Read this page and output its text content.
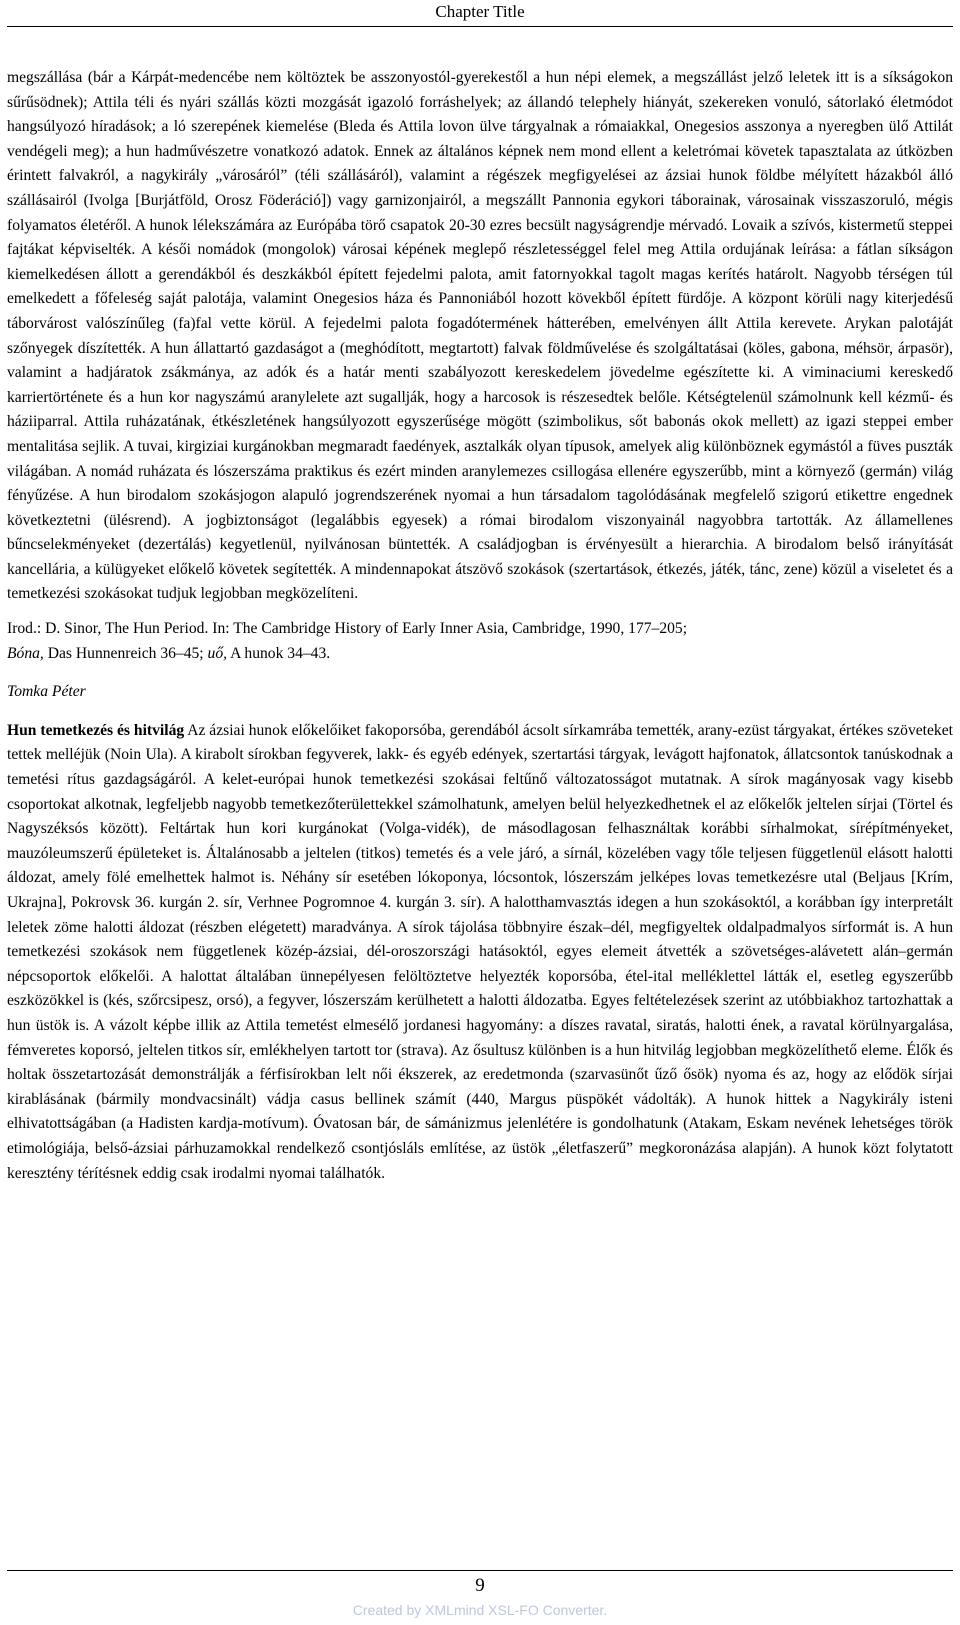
Chapter Title

megszállása (bár a Kárpát-medencébe nem költöztek be asszonyostól-gyerekestől a hun népi elemek, a megszállást jelző leletek itt is a síkságokon sűrűsödnek); Attila téli és nyári szállás közti mozgását igazoló forráshelyek; az állandó telephely hiányát, szekereken vonuló, sátorlakó életmódot hangsúlyozó híradások; a ló szerepének kiemelése (Bleda és Attila lovon ülve tárgyalnak a rómaiakkal, Onegesios asszonya a nyeregben ülő Attilát vendégeli meg); a hun hadművészetre vonatkozó adatok. Ennek az általános képnek nem mond ellent a keletrómai követek tapasztalata az útközben érintett falvakról, a nagykirály „városáról” (téli szállásáról), valamint a régészek megfigyelései az ázsiai hunok földbe mélyített házakból álló szállásairól (Ivolga [Burjátföld, Orosz Föderáció]) vagy garnizonjairól, a megszállt Pannonia egykori táborainak, városainak visszaszoruló, mégis folyamatos életéről. A hunok lélekszámára az Európába törő csapatok 20-30 ezres becsült nagyságrendje mérvadó. Lovaik a szívós, kistermetű steppei fajtákat képviselték. A késői nomádok (mongolok) városai képének meglepő részletességgel felel meg Attila ordujának leírása: a fátlan síkságon kiemelkedésen állott a gerendákból és deszkákból épített fejedelmi palota, amit fatornyokkal tagolt magas kerítés határolt. Nagyobb térségen túl emelkedett a főfeleség saját palotája, valamint Onegesios háza és Pannoniából hozott kövekből épített fürdője. A központ körüli nagy kiterjedésű táborvárost valószínűleg (fa)fal vette körül. A fejedelmi palota fogadótermének hátterében, emelvényen állt Attila kerevete. Arykan palotáját szőnyegek díszítették. A hun állattartó gazdaságot a (meghódított, megtartott) falvak földművelése és szolgáltatásai (köles, gabona, méhsör, árpasör), valamint a hadjáratok zsákmánya, az adók és a határ menti szabályozott kereskedelem jövedelme egészítette ki. A viminaciumi kereskedő karriertörténete és a hun kor nagyszámú aranylelete azt sugallják, hogy a harcosok is részesedtek belőle. Kétségtelenül számolnunk kell kézmű- és háziiparral. Attila ruházatának, étkészletének hangsúlyozott egyszerűsége mögött (szimbolikus, sőt babonás okok mellett) az igazi steppei ember mentalitása sejlik. A tuvai, kirgiziai kurgánokban megmaradt faedények, asztalkák olyan típusok, amelyek alig különböznek egymástól a füves puszták világában. A nomád ruházata és lószerszáma praktikus és ezért minden aranylemezes csillogása ellenére egyszerűbb, mint a környező (germán) világ fényűzése. A hun birodalom szokásjogon alapuló jogrendszerének nyomai a hun társadalom tagolódásának megfelelő szigorú etikettre engednek következtetni (ülésrend). A jogbiztonságot (legalábbis egyesek) a római birodalom viszonyainál nagyobbra tartották. Az államellenes bűncselekményeket (dezertálás) kegyetlenül, nyilvánosan büntették. A családjogban is érvényesült a hierarchia. A birodalom belső irányítását kancellária, a külügyeket előkelő követek segítették. A mindennapokat átszövő szokások (szertartások, étkezés, játék, tánc, zene) közül a viseletet és a temetkezési szokásokat tudjuk legjobban megközelíteni.

Irod.: D. Sinor, The Hun Period. In: The Cambridge History of Early Inner Asia, Cambridge, 1990, 177–205;
Bóna, Das Hunnenreich 36–45; uő, A hunok 34–43.

Tomka Péter

Hun temetkezés és hitvilág Az ázsiai hunok előkelőiket fakoporsóba, gerendából ácsolt sírkamrába temették, arany-ezüst tárgyakat, értékes szöveteket tettek melléjük (Noin Ula). A kirabolt sírokban fegyverek, lakk- és egyéb edények, szertartási tárgyak, levágott hajfonatok, állatcsontok tanúskodnak a temetési rítus gazdagságáról. A kelet-európai hunok temetkezési szokásai feltűnő változatosságot mutatnak. A sírok magányosak vagy kisebb csoportokat alkotnak, legfeljebb nagyobb temetkezőterülettekkel számolhatunk, amelyen belül helyezkedhetnek el az előkelők jeltelen sírjai (Törtel és Nagyszéksós között). Feltártak hun kori kurgánokat (Volga-vidék), de másodlagosan felhasználtak korábbi sírhalmokat, sírépítményeket, mauzóleumszerű épületeket is. Általánosabb a jeltelen (titkos) temetés és a vele járó, a sírnál, közelében vagy tőle teljesen függetlenül elásott halotti áldozat, amely fölé emelhettek halmot is. Néhány sír esetében lókoponya, lócsontok, lószerszám jelképes lovas temetkezésre utal (Beljaus [Krím, Ukrajna], Pokrovsk 36. kurgán 2. sír, Verhnee Pogromnoe 4. kurgán 3. sír). A halotthamvasztás idegen a hun szokásoktól, a korábban így interpretált leletek zöme halotti áldozat (részben elégetett) maradványa. A sírok tájolása többnyire észak–dél, megfigyeltek oldalpadmalyos sírformát is. A hun temetkezési szokások nem függetlenek közép-ázsiai, dél-oroszországi hatásoktól, egyes elemeit átvették a szövetséges-alávetett alán–germán népcsoportok előkelői. A halottat általában ünnepélyesen felöltöztetve helyezték koporsóba, étel-ital melléklettel látták el, esetleg egyszerűbb eszközökkel is (kés, szőrcsipesz, orsó), a fegyver, lószerszám kerülhetett a halotti áldozatba. Egyes feltételezések szerint az utóbbiakhoz tartozhattak a hun üstök is. A vázolt képbe illik az Attila temetést elmesélő jordanesi hagyomány: a díszes ravatal, siratás, halotti ének, a ravatal körülnyargalása, fémveretes koporsó, jeltelen titkos sír, emlékhelyen tartott tor (strava). Az ősultusz különben is a hun hitvilág legjobban megközelíthető eleme. Élők és holtak összetartozását demonstrálják a férfisírokban lelt női ékszerek, az eredetmonda (szarvasünőt űző ősök) nyoma és az, hogy az elődök sírjai kirablásának (bármily mondvacsinált) vádja casus bellinek számít (440, Margus püspökét vádolták). A hunok hittek a Nagykirály isteni elhivatottságában (a Hadisten kardja-motívum). Óvatosan bár, de sámánizmus jelenlétére is gondolhatunk (Atakam, Eskam nevének lehetséges török etimológiája, belső-ázsiai párhuzamokkal rendelkező csontjósláls említése, az üstök „életfaszerű” megkoronázása alapján). A hunok közt folytatott keresztény térítésnek eddig csak irodalmi nyomai találhatók.

9
Created by XMLmind XSL-FO Converter.
